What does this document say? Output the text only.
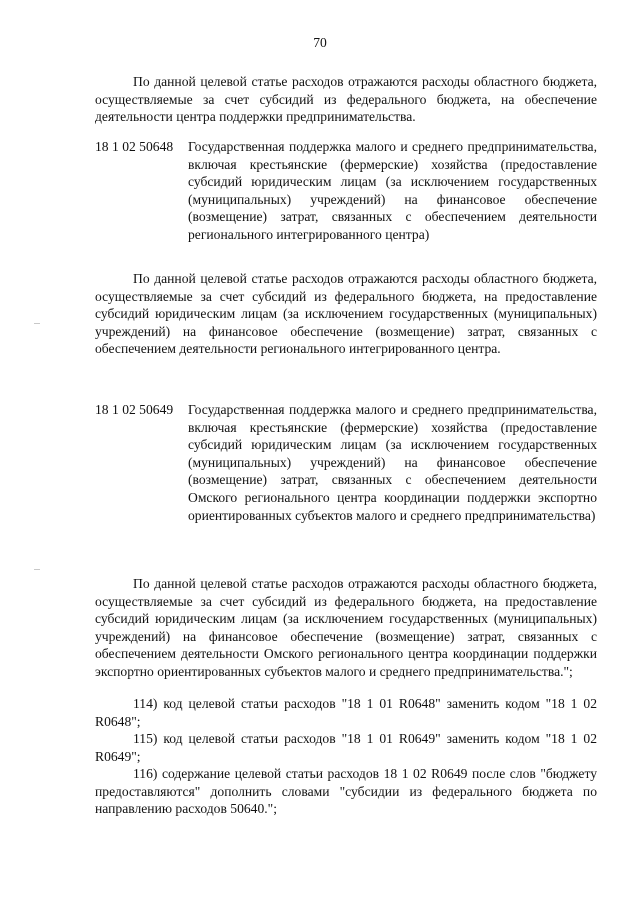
70

По данной целевой статье расходов отражаются расходы областного бюджета, осуществляемые за счет субсидий из федерального бюджета, на обеспечение деятельности центра поддержки предпринимательства.

18 1 02 50648 Государственная поддержка малого и среднего предпринимательства, включая крестьянские (фермерские) хозяйства (предоставление субсидий юридическим лицам (за исключением государственных (муниципальных) учреждений) на финансовое обеспечение (возмещение) затрат, связанных с обеспечением деятельности регионального интегрированного центра)

По данной целевой статье расходов отражаются расходы областного бюджета, осуществляемые за счет субсидий из федерального бюджета, на предоставление субсидий юридическим лицам (за исключением государственных (муниципальных) учреждений) на финансовое обеспечение (возмещение) затрат, связанных с обеспечением деятельности регионального интегрированного центра.

18 1 02 50649 Государственная поддержка малого и среднего предпринимательства, включая крестьянские (фермерские) хозяйства (предоставление субсидий юридическим лицам (за исключением государственных (муниципальных) учреждений) на финансовое обеспечение (возмещение) затрат, связанных с обеспечением деятельности Омского регионального центра координации поддержки экспортно ориентированных субъектов малого и среднего предпринимательства)

По данной целевой статье расходов отражаются расходы областного бюджета, осуществляемые за счет субсидий из федерального бюджета, на предоставление субсидий юридическим лицам (за исключением государственных (муниципальных) учреждений) на финансовое обеспечение (возмещение) затрат, связанных с обеспечением деятельности Омского регионального центра координации поддержки экспортно ориентированных субъектов малого и среднего предпринимательства.";

114) код целевой статьи расходов "18 1 01 R0648" заменить кодом "18 1 02 R0648";

115) код целевой статьи расходов "18 1 01 R0649" заменить кодом "18 1 02 R0649";

116) содержание целевой статьи расходов 18 1 02 R0649 после слов "бюджету предоставляются" дополнить словами "субсидии из федерального бюджета по направлению расходов 50640.";
